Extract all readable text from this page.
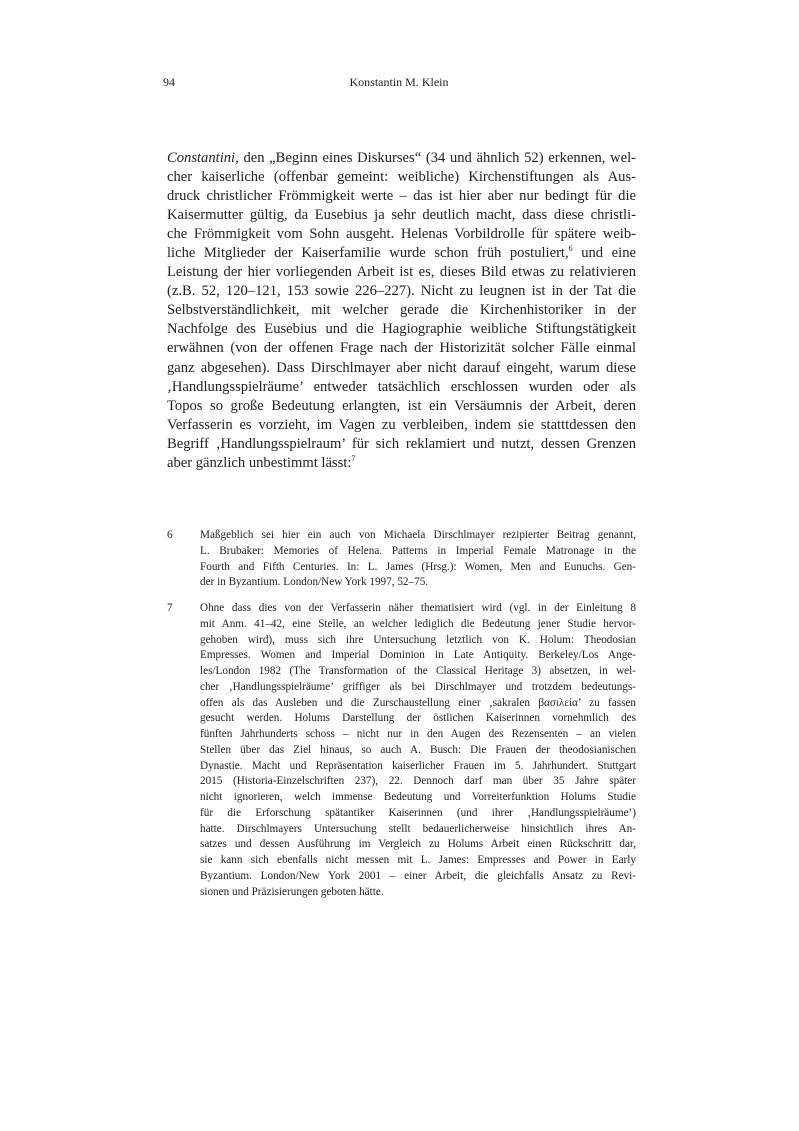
94	Konstantin M. Klein
Constantini, den „Beginn eines Diskurses“ (34 und ähnlich 52) erkennen, wel-
cher kaiserliche (offenbar gemeint: weibliche) Kirchenstiftungen als Aus-
druck christlicher Frömmigkeit werte – das ist hier aber nur bedingt für die
Kaisermutter gültig, da Eusebius ja sehr deutlich macht, dass diese christli-
che Frömmigkeit vom Sohn ausgeht. Helenas Vorbildrolle für spätere weib-
liche Mitglieder der Kaiserfamilie wurde schon früh postuliert,$^6$ und eine
Leistung der hier vorliegenden Arbeit ist es, dieses Bild etwas zu relativieren
(z.B. 52, 120–121, 153 sowie 226–227). Nicht zu leugnen ist in der Tat die
Selbstverständlichkeit, mit welcher gerade die Kirchenhistoriker in der
Nachfolge des Eusebius und die Hagiographie weibliche Stiftungstätigkeit
erwähnen (von der offenen Frage nach der Historizität solcher Fälle einmal
ganz abgesehen). Dass Dirschlmayer aber nicht darauf eingeht, warum diese
‚Handlungsspielräume’ entweder tatsächlich erschlossen wurden oder als
Topos so große Bedeutung erlangten, ist ein Versäumnis der Arbeit, deren
Verfasserin es vorzieht, im Vagen zu verbleiben, indem sie statttdessen den
Begriff ‚Handlungsspielraum’ für sich reklamiert und nutzt, dessen Grenzen
aber gänzlich unbestimmt lässt:$^7$
6 Maßgeblich sei hier ein auch von Michaela Dirschlmayer rezipierter Beitrag genannt,
L. Brubaker: Memories of Helena. Patterns in Imperial Female Matronage in the
Fourth and Fifth Centuries. In: L. James (Hrsg.): Women, Men and Eunuchs. Gen-
der in Byzantium. London/New York 1997, 52–75.
7 Ohne dass dies von der Verfasserin näher thematisiert wird (vgl. in der Einleitung 8
mit Anm. 41–42, eine Stelle, an welcher lediglich die Bedeutung jener Studie hervor-
gehoben wird), muss sich ihre Untersuchung letztlich von K. Holum: Theodosian
Empresses. Women and Imperial Dominion in Late Antiquity. Berkeley/Los Ange-
les/London 1982 (The Transformation of the Classical Heritage 3) absetzen, in wel-
cher ‚Handlungsspielräume’ griffiger als bei Dirschlmayer und trotzdem bedeutungs-
offen als das Ausleben und die Zurschaustellung einer ‚sakralen βασιλεία’ zu fassen
gesucht werden. Holums Darstellung der östlichen Kaiserinnen vornehmlich des
fünften Jahrhunderts schoss – nicht nur in den Augen des Rezensenten – an vielen
Stellen über das Ziel hinaus, so auch A. Busch: Die Frauen der theodosianischen
Dynastie. Macht und Repräsentation kaiserlicher Frauen im 5. Jahrhundert. Stuttgart
2015 (Historia-Einzelschriften 237), 22. Dennoch darf man über 35 Jahre später
nicht ignorieren, welch immense Bedeutung und Vorreiterfunktion Holums Studie
für die Erforschung spätantiker Kaiserinnen (und ihrer ‚Handlungsspielräume’)
hatte. Dirschlmayers Untersuchung stellt bedauerlicherweise hinsichtlich ihres An-
satzes und dessen Ausführung im Vergleich zu Holums Arbeit einen Rückschritt dar,
sie kann sich ebenfalls nicht messen mit L. James: Empresses and Power in Early
Byzantium. London/New York 2001 – einer Arbeit, die gleichfalls Ansatz zu Revi-
sionen und Präzisierungen geboten hätte.
